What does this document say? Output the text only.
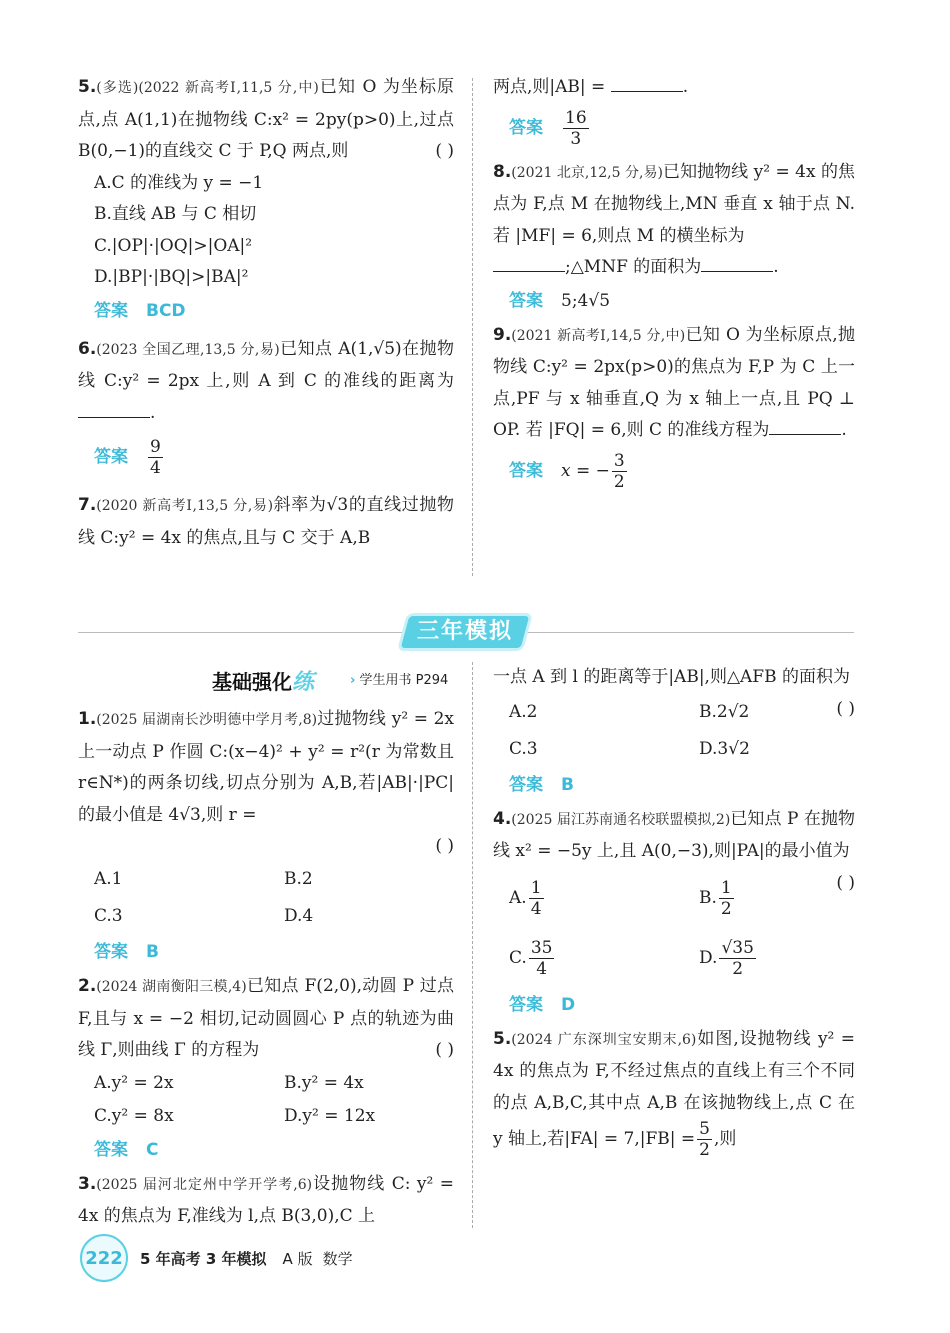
5.(多选)(2022 新高考Ⅰ,11,5 分,中)已知 O 为坐标原点,点 A(1,1)在抛物线 C:x² = 2py(p>0)上,过点 B(0,−1)的直线交 C 于 P,Q 两点,则	( )
A.C 的准线为 y = −1
B.直线 AB 与 C 相切
C.|OP|·|OQ|>|OA|²
D.|BP|·|BQ|>|BA|²
答案 BCD
6.(2023 全国乙理,13,5 分,易)已知点 A(1,√5)在抛物线 C:y² = 2px 上,则 A 到 C 的准线的距离为.
答案 $\frac{9}{4}$
7.(2020 新高考Ⅰ,13,5 分,易)斜率为√3的直线过抛物线 C:y² = 4x 的焦点,且与 C 交于 A,B
两点,则|AB| =	.
答案 $\frac{16}{3}$
8.(2021 北京,12,5 分,易)已知抛物线 y² = 4x 的焦点为 F,点 M 在抛物线上,MN 垂直 x 轴于点 N. 若 |MF| = 6,则点 M 的横坐标为
;△MNF 的面积为	.
答案 5;4√5
9.(2021 新高考Ⅰ,14,5 分,中)已知 O 为坐标原点,抛物线 C:y² = 2px(p>0)的焦点为 F,P 为 C 上一点,PF 与 x 轴垂直,Q 为 x 轴上一点,且 PQ ⊥ OP. 若 |FQ| = 6,则 C 的准线方程为	.
答案 x = − $\frac{3}{2}$
三年模拟
基础强化练	› 学生用书 P294
1.(2025 届湖南长沙明德中学月考,8)过抛物线 y² = 2x 上一动点 P 作圆 C:(x−4)² + y² = r²(r 为常数且 r∈N*)的两条切线,切点分别为 A,B,若|AB|·|PC|的最小值是 4√3,则 r =

( )
A.1	B.2
C.3	D.4
答案 B
2.(2024 湖南衡阳三模,4)已知点 F(2,0),动圆 P 过点 F,且与 x = −2 相切,记动圆圆心 P 点的轨迹为曲线 Γ,则曲线 Γ 的方程为	( )
A.y² = 2x	B.y² = 4x
C.y² = 8x	D.y² = 12x
答案 C
3.(2025 届河北定州中学开学考,6)设抛物线 C: y² = 4x 的焦点为 F,准线为 l,点 B(3,0),C 上
一点 A 到 l 的距离等于|AB|,则△AFB 的面积为
( )
A.2	B.2√2
C.3	D.3√2
答案 B
4.(2025 届江苏南通名校联盟模拟,2)已知点 P 在抛物线 x² = −5y 上,且 A(0,−3),则|PA|的最小值为
( )
A. $\frac{1}{4}$	B. $\frac{1}{2}$
C. $\frac{35}{4}$	D. $\frac{√35}{2}$
答案 D
5.(2024 广东深圳宝安期末,6)如图,设抛物线 y² = 4x 的焦点为 F,不经过焦点的直线上有三个不同的点 A,B,C,其中点 A,B 在该抛物线上,点 C 在 y 轴上,若$|FA| = 7,|FB| = \frac{5}{2}$ ,则
222	5 年高考 3 年模拟 A 版 数学
